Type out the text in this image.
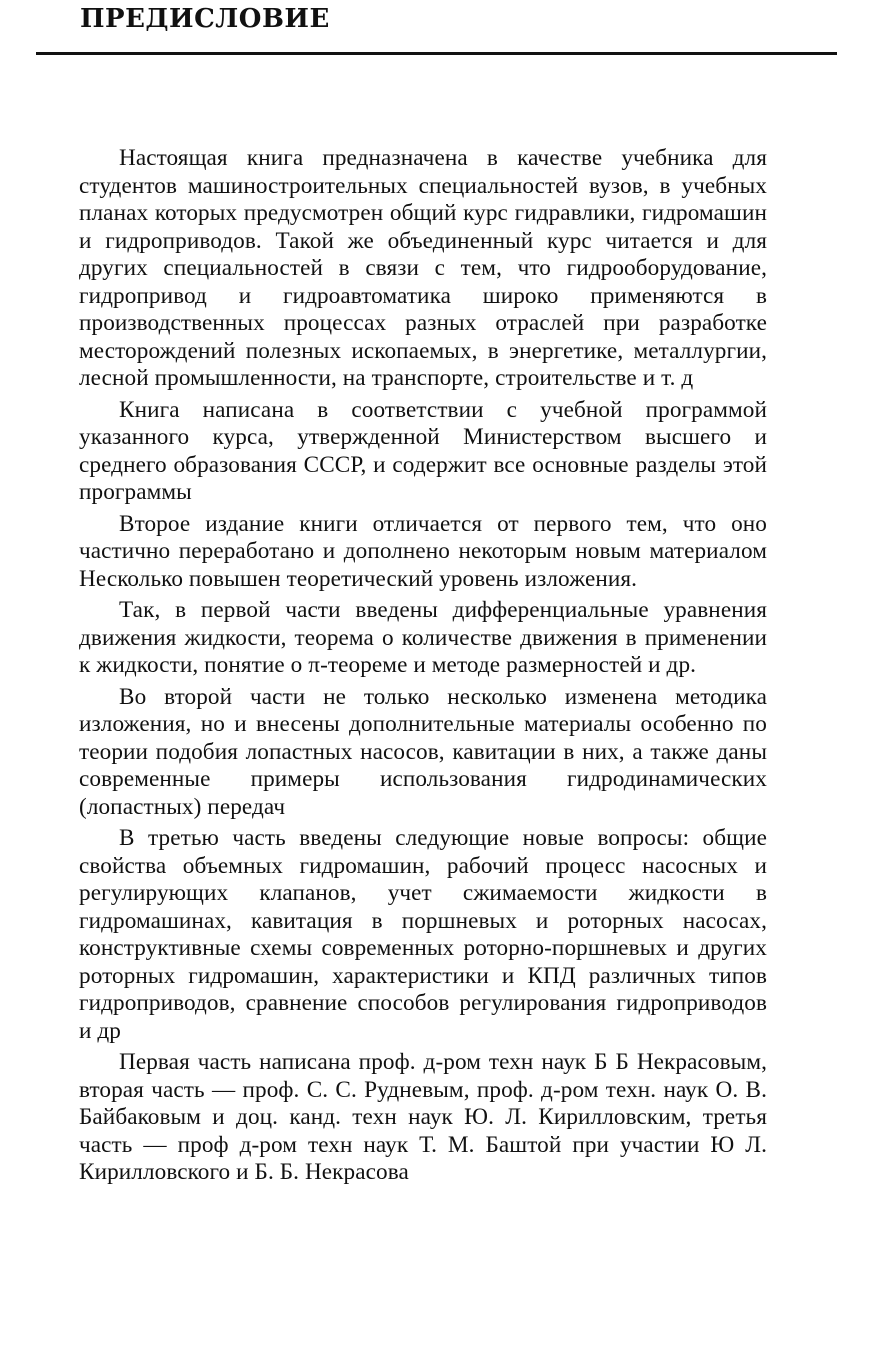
ПРЕДИСЛОВИЕ

Настоящая книга предназначена в качестве учебника для студентов машиностроительных специальностей вузов, в учебных планах которых предусмотрен общий курс гидравлики, гидромашин и гидроприводов. Такой же объединенный курс читается и для других специальностей в связи с тем, что гидрооборудование, гидропривод и гидроавтоматика широко применяются в производственных процессах разных отраслей при разработке месторождений полезных ископаемых, в энергетике, металлургии, лесной промышленности, на транспорте, строительстве и т. д

Книга написана в соответствии с учебной программой указанного курса, утвержденной Министерством высшего и среднего образования СССР, и содержит все основные разделы этой программы

Второе издание книги отличается от первого тем, что оно частично переработано и дополнено некоторым новым материалом Несколько повышен теоретический уровень изложения.

Так, в первой части введены дифференциальные уравнения движения жидкости, теорема о количестве движения в применении к жидкости, понятие о π-теореме и методе размерностей и др.

Во второй части не только несколько изменена методика изложения, но и внесены дополнительные материалы особенно по теории подобия лопастных насосов, кавитации в них, а также даны современные примеры использования гидродинамических (лопастных) передач

В третью часть введены следующие новые вопросы: общие свойства объемных гидромашин, рабочий процесс насосных и регулирующих клапанов, учет сжимаемости жидкости в гидромашинах, кавитация в поршневых и роторных насосах, конструктивные схемы современных роторно-поршневых и других роторных гидромашин, характеристики и КПД различных типов гидроприводов, сравнение способов регулирования гидроприводов и др

Первая часть написана проф. д-ром техн наук Б Б Некрасовым, вторая часть — проф. С. С. Рудневым, проф. д-ром техн. наук О. В. Байбаковым и доц. канд. техн наук Ю. Л. Кирилловским, третья часть — проф д-ром техн наук Т. М. Баштой при участии Ю Л. Кирилловского и Б. Б. Некрасова
